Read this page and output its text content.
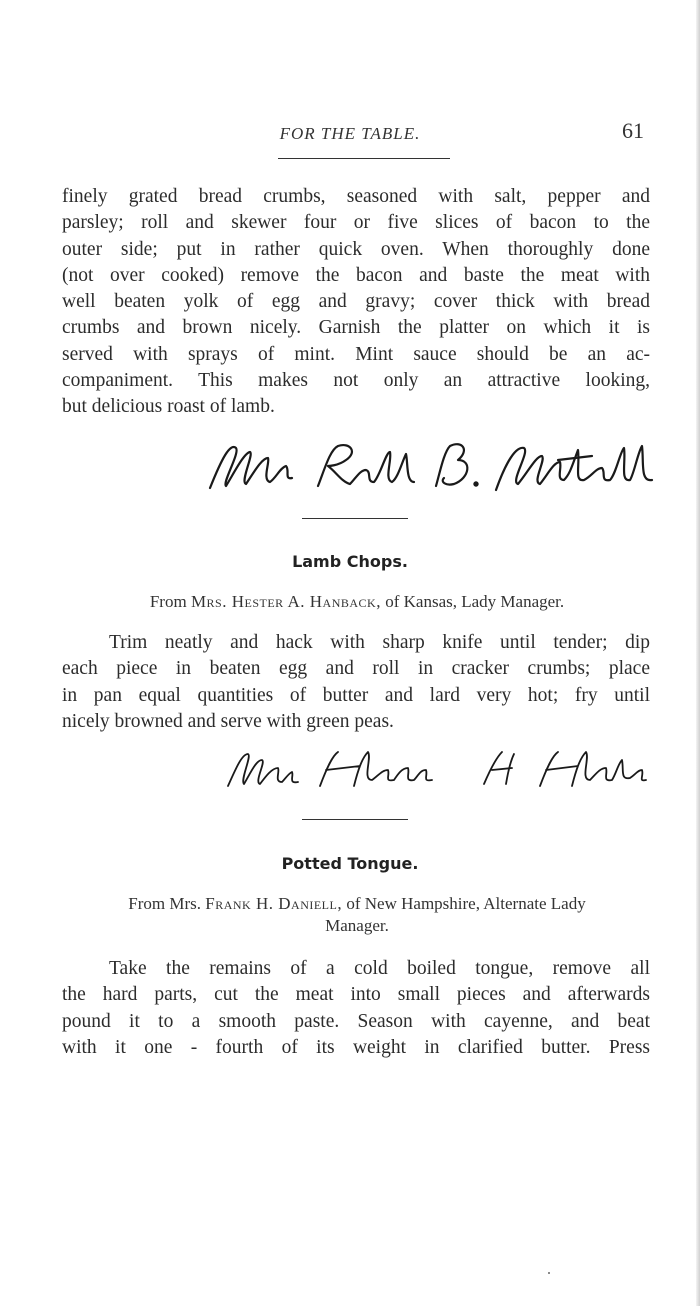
FOR THE TABLE.	61
finely grated bread crumbs, seasoned with salt, pepper and
parsley; roll and skewer four or five slices of bacon to the
outer side; put in rather quick oven. When thoroughly done
(not over cooked) remove the bacon and baste the meat with
well beaten yolk of egg and gravy; cover thick with bread
crumbs and brown nicely. Garnish the platter on which it is
served with sprays of mint. Mint sauce should be an ac-
companiment. This makes not only an attractive looking,
but delicious roast of lamb.
Lamb Chops.
From Mrs. Hester A. Hanback, of Kansas, Lady Manager.
Trim neatly and hack with sharp knife until tender; dip
each piece in beaten egg and roll in cracker crumbs; place
in pan equal quantities of butter and lard very hot; fry until
nicely browned and serve with green peas.
Potted Tongue.
From Mrs. Frank H. Daniell, of New Hampshire, Alternate Lady
Manager.
Take the remains of a cold boiled tongue, remove all
the hard parts, cut the meat into small pieces and afterwards
pound it to a smooth paste. Season with cayenne, and beat
with it one - fourth of its weight in clarified butter. Press
